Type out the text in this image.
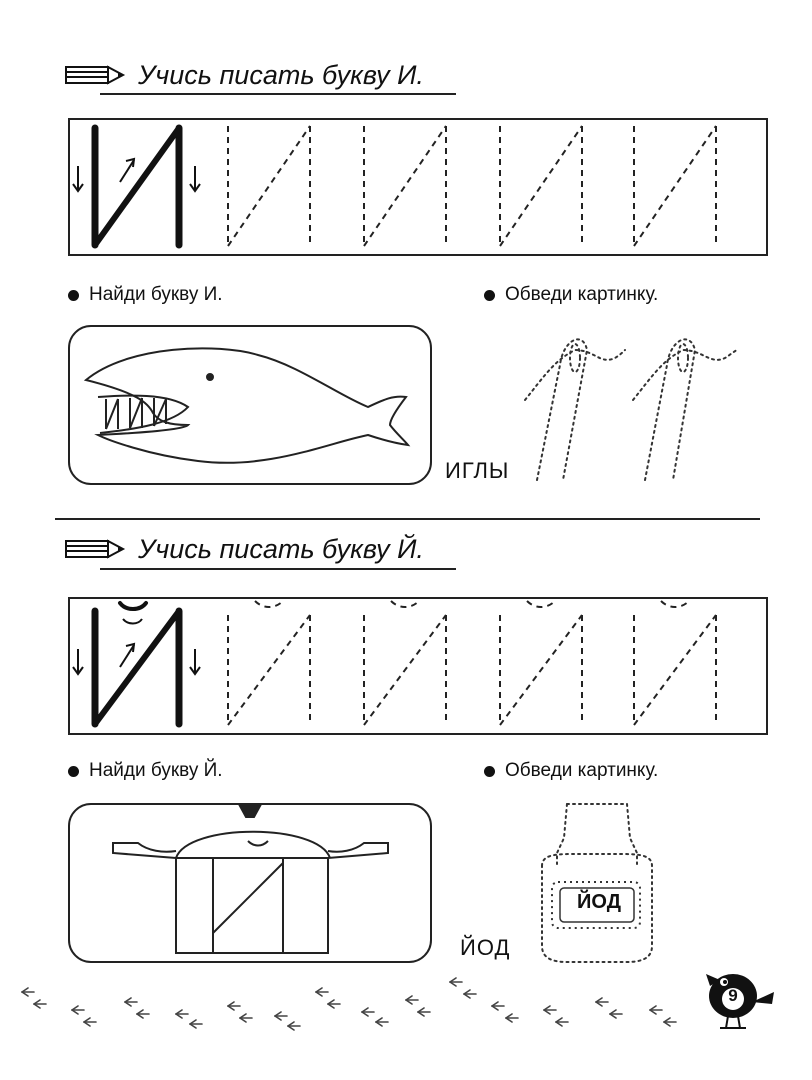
Учись писать букву И.
Найди букву И.	Обведи картинку.
ИГЛЫ
Учись писать букву Й.
Найди букву Й.	Обведи картинку.
ЙОД
ЙОД
9
